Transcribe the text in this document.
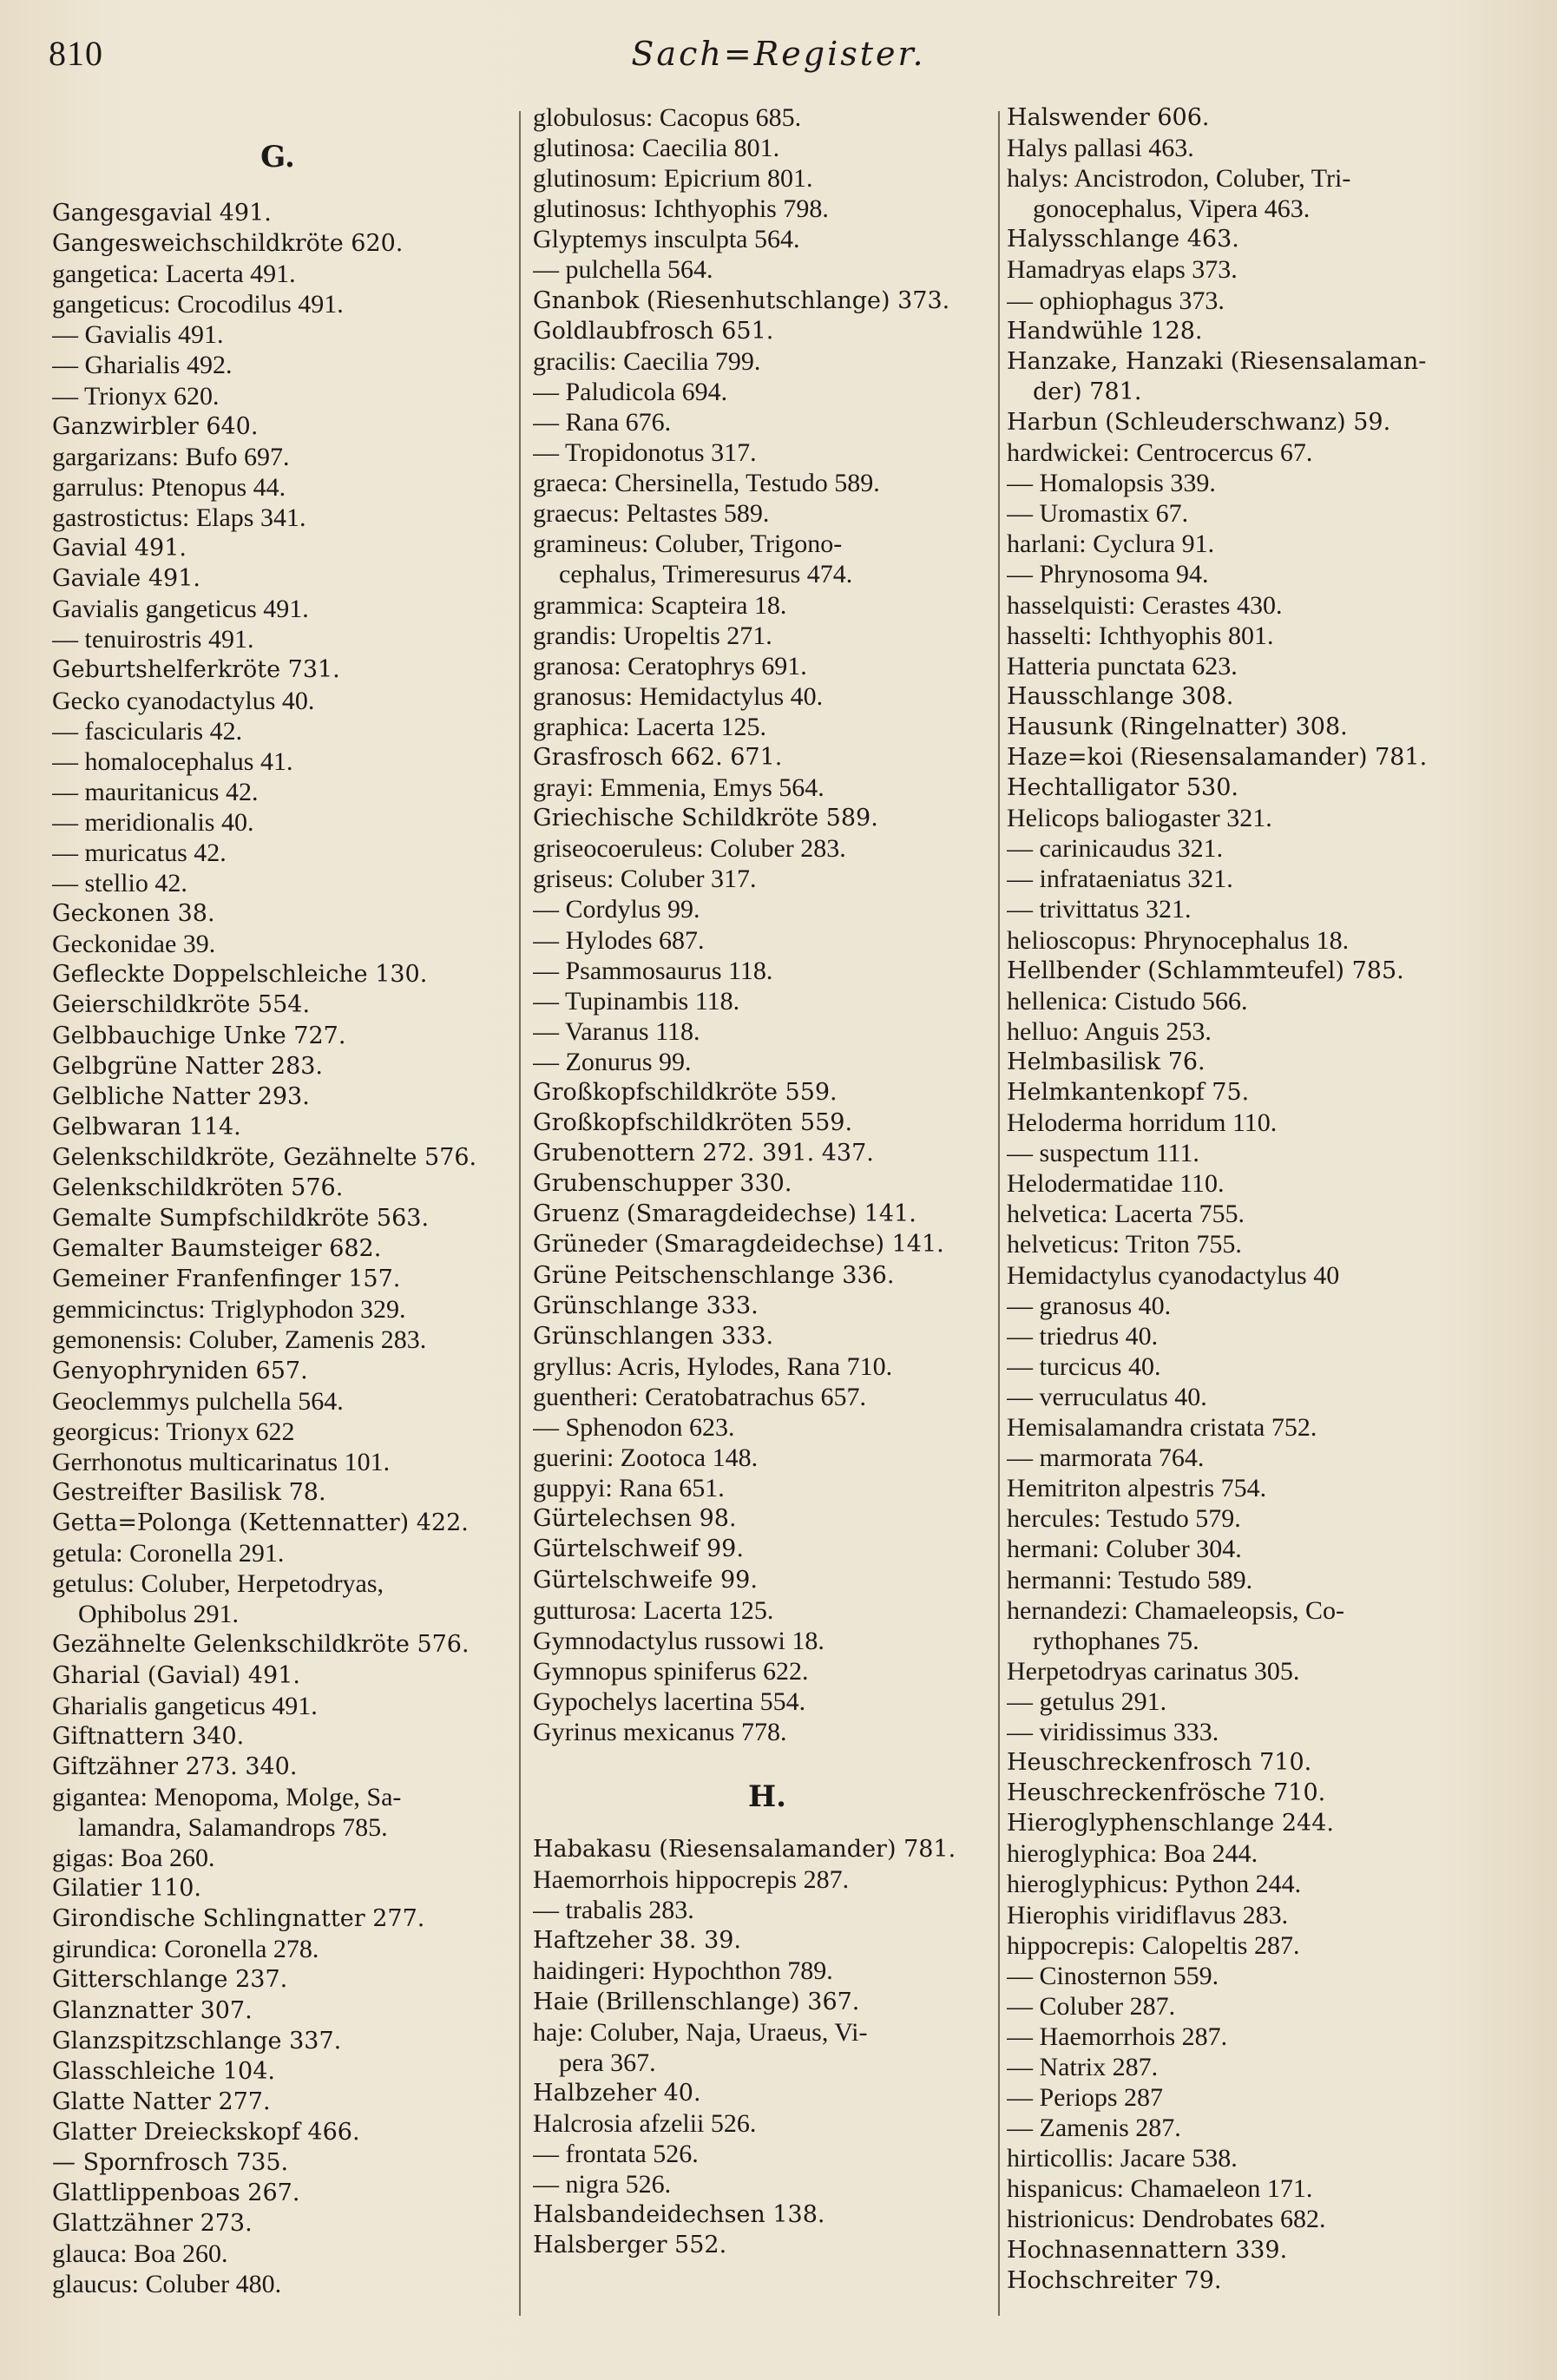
810	Sach=Register.
G.
Gangesgavial 491.
Gangesweichschildkröte 620.
gangetica: Lacerta 491.
gangeticus: Crocodilus 491.
— Gavialis 491.
— Gharialis 492.
— Trionyx 620.
Ganzwirbler 640.
gargarizans: Bufo 697.
garrulus: Ptenopus 44.
gastrostictus: Elaps 341.
Gavial 491.
Gaviale 491.
Gavialis gangeticus 491.
— tenuirostris 491.
Geburtshelferkröte 731.
Gecko cyanodactylus 40.
— fascicularis 42.
— homalocephalus 41.
— mauritanicus 42.
— meridionalis 40.
— muricatus 42.
— stellio 42.
Geckonen 38.
Geckonidae 39.
Gefleckte Doppelschleiche 130.
Geierschildkröte 554.
Gelbbauchige Unke 727.
Gelbgrüne Natter 283.
Gelbliche Natter 293.
Gelbwaran 114.
Gelenkschildkröte, Gezähnelte 576.
Gelenkschildkröten 576.
Gemalte Sumpfschildkröte 563.
Gemalter Baumsteiger 682.
Gemeiner Franfenfinger 157.
gemmicinctus: Triglyphodon 329.
gemonensis: Coluber, Zamenis 283.
Genyophryniden 657.
Geoclemmys pulchella 564.
georgicus: Trionyx 622
Gerrhonotus multicarinatus 101.
Gestreifter Basilisk 78.
Getta=Polonga (Kettennatter) 422.
getula: Coronella 291.
getulus: Coluber, Herpetodryas,
Ophibolus 291.
Gezähnelte Gelenkschildkröte 576.
Gharial (Gavial) 491.
Gharialis gangeticus 491.
Giftnattern 340.
Giftzähner 273. 340.
gigantea: Menopoma, Molge, Sa-
lamandra, Salamandrops 785.
gigas: Boa 260.
Gilatier 110.
Girondische Schlingnatter 277.
girundica: Coronella 278.
Gitterschlange 237.
Glanznatter 307.
Glanzspitzschlange 337.
Glasschleiche 104.
Glatte Natter 277.
Glatter Dreieckskopf 466.
— Spornfrosch 735.
Glattlippenboas 267.
Glattzähner 273.
glauca: Boa 260.
glaucus: Coluber 480.
globulosus: Cacopus 685.
glutinosa: Caecilia 801.
glutinosum: Epicrium 801.
glutinosus: Ichthyophis 798.
Glyptemys insculpta 564.
— pulchella 564.
Gnanbok (Riesenhutschlange) 373.
Goldlaubfrosch 651.
gracilis: Caecilia 799.
— Paludicola 694.
— Rana 676.
— Tropidonotus 317.
graeca: Chersinella, Testudo 589.
graecus: Peltastes 589.
gramineus: Coluber, Trigono-
cephalus, Trimeresurus 474.
grammica: Scapteira 18.
grandis: Uropeltis 271.
granosa: Ceratophrys 691.
granosus: Hemidactylus 40.
graphica: Lacerta 125.
Grasfrosch 662. 671.
grayi: Emmenia, Emys 564.
Griechische Schildkröte 589.
griseocoeruleus: Coluber 283.
griseus: Coluber 317.
— Cordylus 99.
— Hylodes 687.
— Psammosaurus 118.
— Tupinambis 118.
— Varanus 118.
— Zonurus 99.
Großkopfschildkröte 559.
Großkopfschildkröten 559.
Grubenottern 272. 391. 437.
Grubenschupper 330.
Gruenz (Smaragdeidechse) 141.
Grüneder (Smaragdeidechse) 141.
Grüne Peitschenschlange 336.
Grünschlange 333.
Grünschlangen 333.
gryllus: Acris, Hylodes, Rana 710.
guentheri: Ceratobatrachus 657.
— Sphenodon 623.
guerini: Zootoca 148.
guppyi: Rana 651.
Gürtelechsen 98.
Gürtelschweif 99.
Gürtelschweife 99.
gutturosa: Lacerta 125.
Gymnodactylus russowi 18.
Gymnopus spiniferus 622.
Gypochelys lacertina 554.
Gyrinus mexicanus 778.
H.
Habakasu (Riesensalamander) 781.
Haemorrhois hippocrepis 287.
— trabalis 283.
Haftzeher 38. 39.
haidingeri: Hypochthon 789.
Haie (Brillenschlange) 367.
haje: Coluber, Naja, Uraeus, Vi-
pera 367.
Halbzeher 40.
Halcrosia afzelii 526.
— frontata 526.
— nigra 526.
Halsbandeidechsen 138.
Halsberger 552.
Halswender 606.
Halys pallasi 463.
halys: Ancistrodon, Coluber, Tri-
gonocephalus, Vipera 463.
Halysschlange 463.
Hamadryas elaps 373.
— ophiophagus 373.
Handwühle 128.
Hanzake, Hanzaki (Riesensalaman-
der) 781.
Harbun (Schleuderschwanz) 59.
hardwickei: Centrocercus 67.
— Homalopsis 339.
— Uromastix 67.
harlani: Cyclura 91.
— Phrynosoma 94.
hasselquisti: Cerastes 430.
hasselti: Ichthyophis 801.
Hatteria punctata 623.
Hausschlange 308.
Hausunk (Ringelnatter) 308.
Haze=koi (Riesensalamander) 781.
Hechtalligator 530.
Helicops baliogaster 321.
— carinicaudus 321.
— infrataeniatus 321.
— trivittatus 321.
helioscopus: Phrynocephalus 18.
Hellbender (Schlammteufel) 785.
hellenica: Cistudo 566.
helluo: Anguis 253.
Helmbasilisk 76.
Helmkantenkopf 75.
Heloderma horridum 110.
— suspectum 111.
Helodermatidae 110.
helvetica: Lacerta 755.
helveticus: Triton 755.
Hemidactylus cyanodactylus 40
— granosus 40.
— triedrus 40.
— turcicus 40.
— verruculatus 40.
Hemisalamandra cristata 752.
— marmorata 764.
Hemitriton alpestris 754.
hercules: Testudo 579.
hermani: Coluber 304.
hermanni: Testudo 589.
hernandezi: Chamaeleopsis, Co-
rythophanes 75.
Herpetodryas carinatus 305.
— getulus 291.
— viridissimus 333.
Heuschreckenfrosch 710.
Heuschreckenfrösche 710.
Hieroglyphenschlange 244.
hieroglyphica: Boa 244.
hieroglyphicus: Python 244.
Hierophis viridiflavus 283.
hippocrepis: Calopeltis 287.
— Cinosternon 559.
— Coluber 287.
— Haemorrhois 287.
— Natrix 287.
— Periops 287
— Zamenis 287.
hirticollis: Jacare 538.
hispanicus: Chamaeleon 171.
histrionicus: Dendrobates 682.
Hochnasennattern 339.
Hochschreiter 79.
